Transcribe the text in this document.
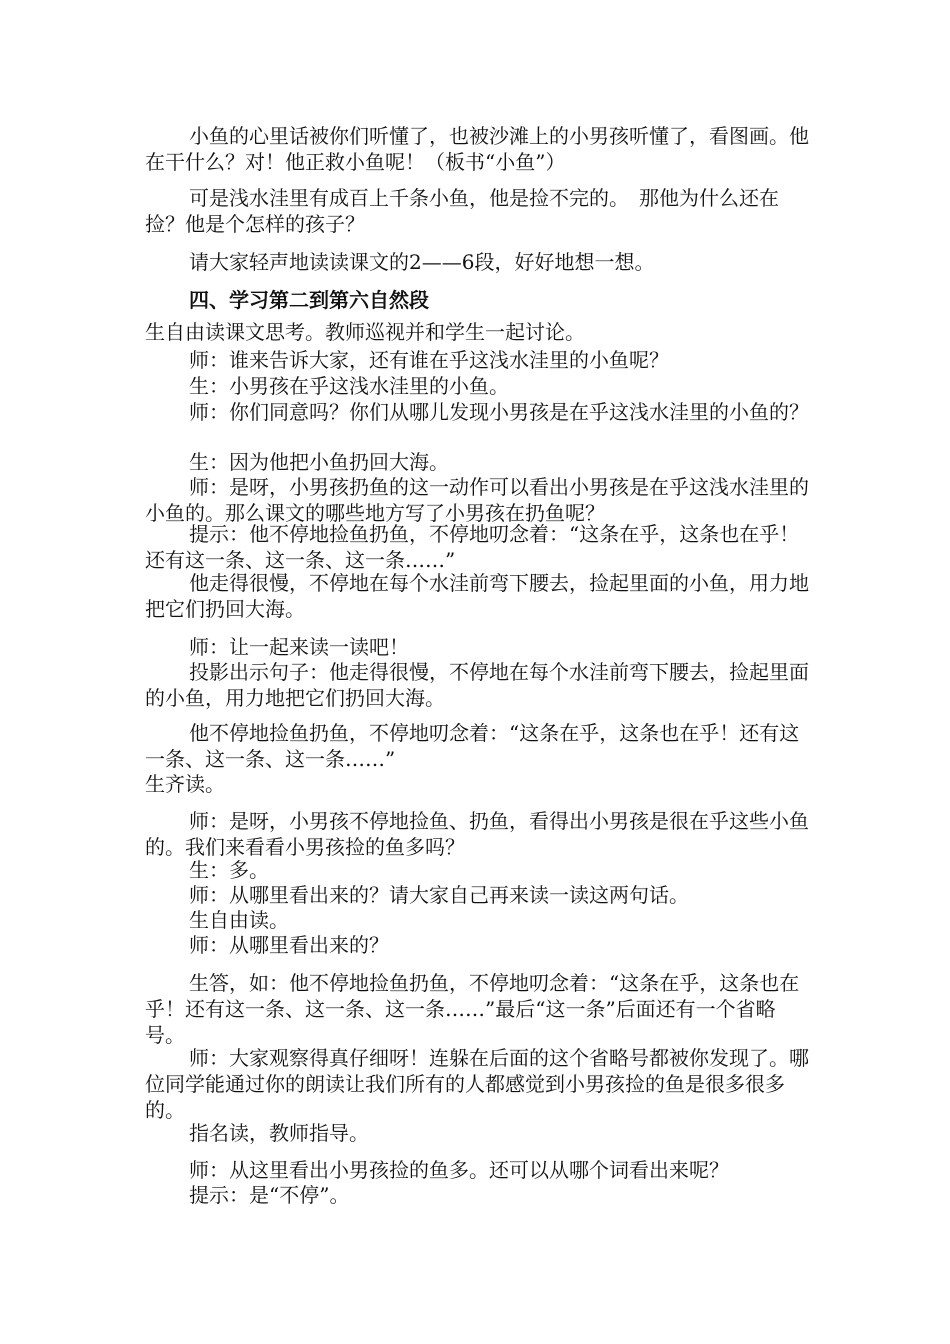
小鱼的心里话被你们听懂了，也被沙滩上的小男孩听懂了，看图画。他在干什么？对！他正救小鱼呢！（板书“小鱼”）

可是浅水洼里有成百上千条小鱼，他是捡不完的。　那他为什么还在捡？他是个怎样的孩子？

请大家轻声地读读课文的2——6段，好好地想一想。

四、学习第二到第六自然段

生自由读课文思考。教师巡视并和学生一起讨论。

师：谁来告诉大家，还有谁在乎这浅水洼里的小鱼呢？

生：小男孩在乎这浅水洼里的小鱼。

师：你们同意吗？你们从哪儿发现小男孩是在乎这浅水洼里的小鱼的？

生：因为他把小鱼扔回大海。

师：是呀，小男孩扔鱼的这一动作可以看出小男孩是在乎这浅水洼里的小鱼的。那么课文的哪些地方写了小男孩在扔鱼呢？

提示：他不停地捡鱼扔鱼，不停地叨念着：“这条在乎，这条也在乎！还有这一条、这一条、这一条……”

他走得很慢，不停地在每个水洼前弯下腰去，捡起里面的小鱼，用力地把它们扔回大海。

师：让一起来读一读吧！

投影出示句子：他走得很慢，不停地在每个水洼前弯下腰去，捡起里面的小鱼，用力地把它们扔回大海。

他不停地捡鱼扔鱼，不停地叨念着：“这条在乎，这条也在乎！还有这一条、这一条、这一条……”

生齐读。

师：是呀，小男孩不停地捡鱼、扔鱼，看得出小男孩是很在乎这些小鱼的。我们来看看小男孩捡的鱼多吗？

生：多。

师：从哪里看出来的？请大家自己再来读一读这两句话。

生自由读。

师：从哪里看出来的？

生答，如：他不停地捡鱼扔鱼，不停地叨念着：“这条在乎，这条也在乎！还有这一条、这一条、这一条……”最后“这一条”后面还有一个省略号。

师：大家观察得真仔细呀！连躲在后面的这个省略号都被你发现了。哪位同学能通过你的朗读让我们所有的人都感觉到小男孩捡的鱼是很多很多的。

指名读，教师指导。

师：从这里看出小男孩捡的鱼多。还可以从哪个词看出来呢？

提示：是“不停”。
